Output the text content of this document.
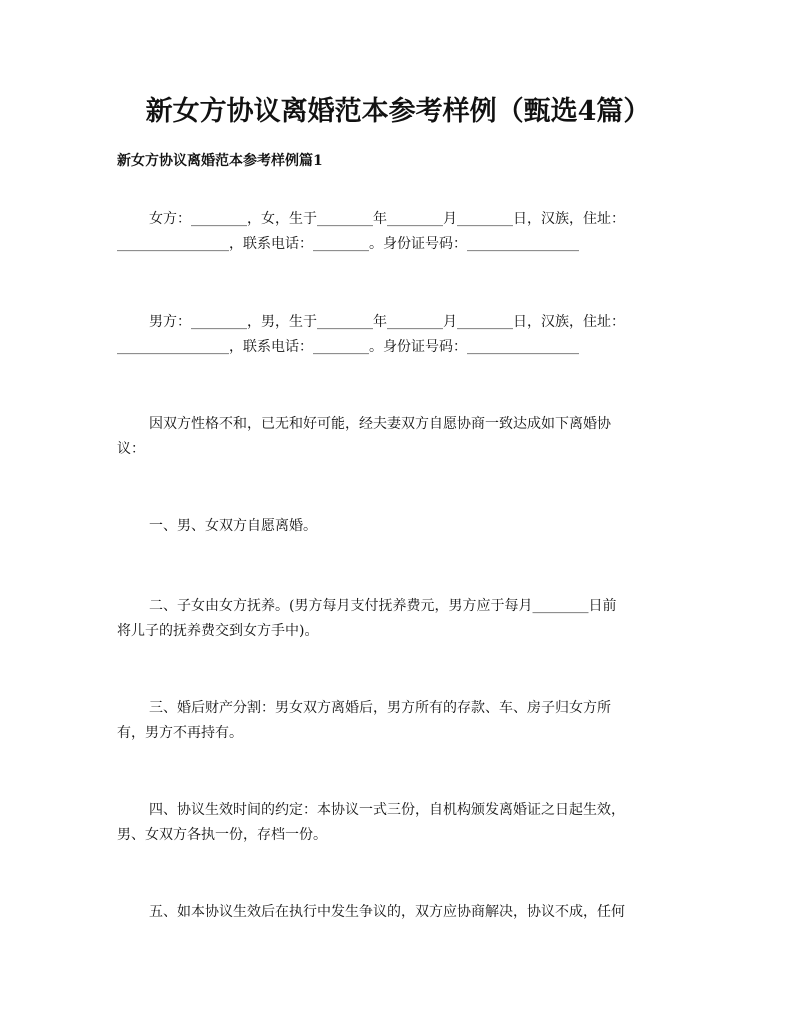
新女方协议离婚范本参考样例（甄选4篇）
新女方协议离婚范本参考样例篇1
女方：________，女，生于________年________月________日，汉族，住址：
________________，联系电话：________。身份证号码：________________
男方：________，男，生于________年________月________日，汉族，住址：
________________，联系电话：________。身份证号码：________________
因双方性格不和，已无和好可能，经夫妻双方自愿协商一致达成如下离婚协
议：
一、男、女双方自愿离婚。
二、子女由女方抚养。(男方每月支付抚养费元，男方应于每月________日前
将儿子的抚养费交到女方手中)。
三、婚后财产分割：男女双方离婚后，男方所有的存款、车、房子归女方所
有，男方不再持有。
四、协议生效时间的约定：本协议一式三份，自机构颁发离婚证之日起生效，
男、女双方各执一份，存档一份。
五、如本协议生效后在执行中发生争议的，双方应协商解决，协议不成，任何
